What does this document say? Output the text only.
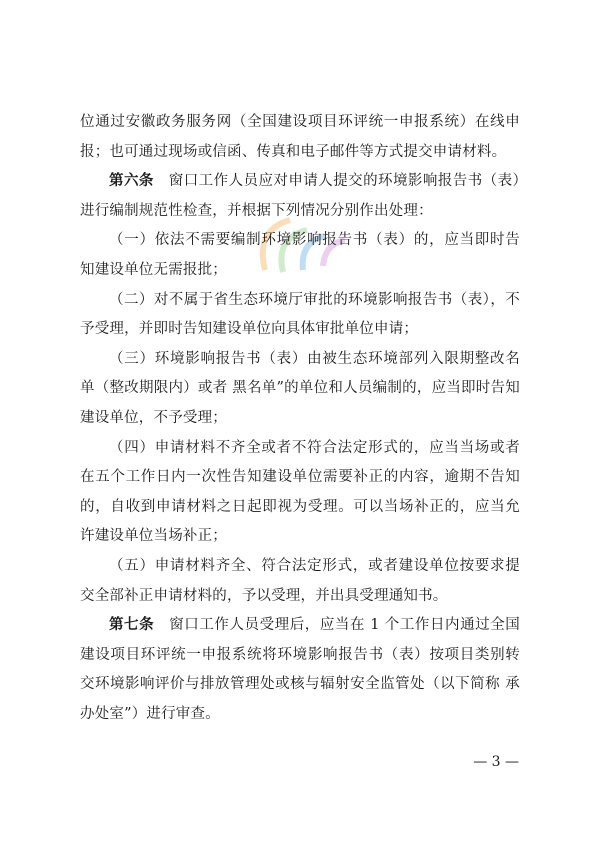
位通过安徽政务服务网（全国建设项目环评统一申报系统）在线申报；也可通过现场或信函、传真和电子邮件等方式提交申请材料。

第六条　窗口工作人员应对申请人提交的环境影响报告书（表）进行编制规范性检查，并根据下列情况分别作出处理：

（一）依法不需要编制环境影响报告书（表）的，应当即时告知建设单位无需报批；

（二）对不属于省生态环境厅审批的环境影响报告书（表），不予受理，并即时告知建设单位向具体审批单位申请；

（三）环境影响报告书（表）由被生态环境部列入限期整改名单（整改期限内）或者 黑名单”的单位和人员编制的，应当即时告知建设单位，不予受理；

（四）申请材料不齐全或者不符合法定形式的，应当当场或者在五个工作日内一次性告知建设单位需要补正的内容，逾期不告知的，自收到申请材料之日起即视为受理。可以当场补正的，应当允许建设单位当场补正；

（五）申请材料齐全、符合法定形式，或者建设单位按要求提交全部补正申请材料的，予以受理，并出具受理通知书。

第七条　窗口工作人员受理后，应当在 1 个工作日内通过全国建设项目环评统一申报系统将环境影响报告书（表）按项目类别转交环境影响评价与排放管理处或核与辐射安全监管处（以下简称 承办处室”）进行审查。

— 3 —
